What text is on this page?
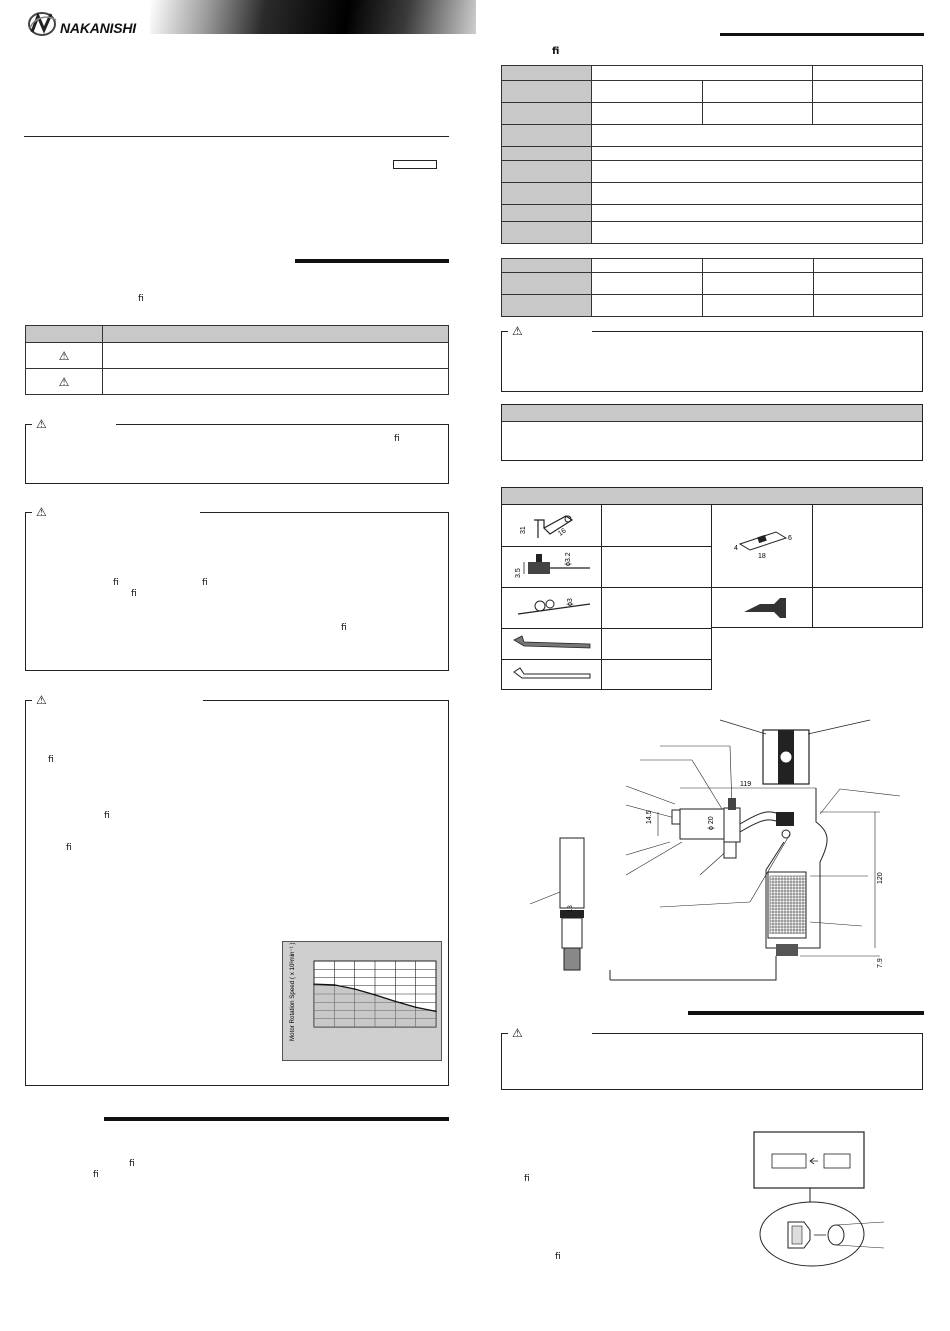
NAKANISHI
fi

⚠	
⚠	
⚠
fi
⚠
fi	fi
fi
fi
⚠
fi
fi
fi
Motor Rotation Speed ( x 10³min⁻¹ )
fi
fi
fi

⚠
31	16
3.5
ϕ3.2
ϕ3
4
6
18
119
ϕ 20
14.5
120
7.9
13
⚠
fi
fi
